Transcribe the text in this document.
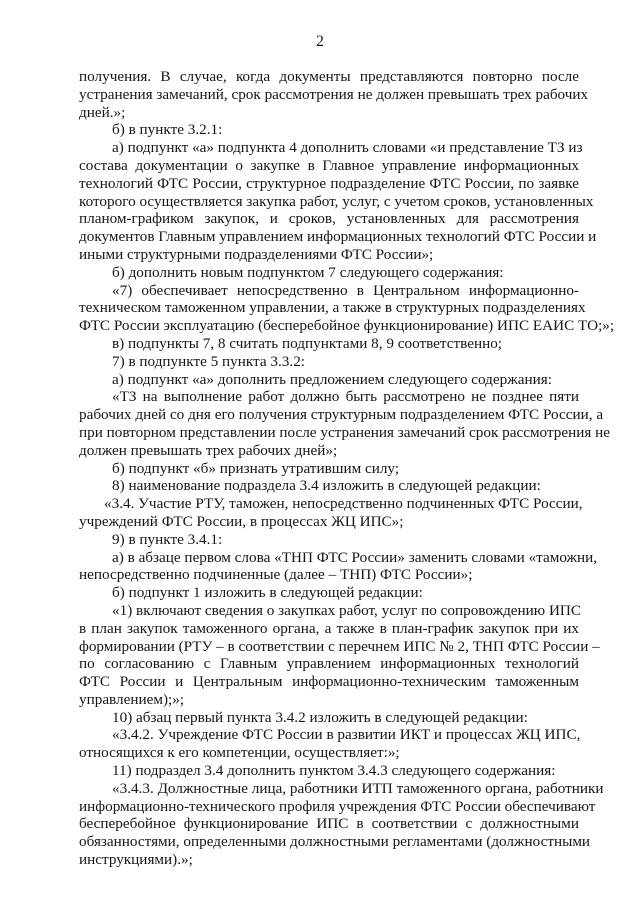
2
получения. В случае, когда документы представляются повторно после
устранения замечаний, срок рассмотрения не должен превышать трех рабочих
дней.»;
б) в пункте 3.2.1:
а) подпункт «а» подпункта 4 дополнить словами «и представление ТЗ из
состава документации о закупке в Главное управление информационных
технологий ФТС России, структурное подразделение ФТС России, по заявке
которого осуществляется закупка работ, услуг, с учетом сроков, установленных
планом-графиком закупок, и сроков, установленных для рассмотрения
документов Главным управлением информационных технологий ФТС России и
иными структурными подразделениями ФТС России»;
б) дополнить новым подпунктом 7 следующего содержания:
«7) обеспечивает непосредственно в Центральном информационно-
техническом таможенном управлении, а также в структурных подразделениях
ФТС России эксплуатацию (бесперебойное функционирование) ИПС ЕАИС ТО;»;
в) подпункты 7, 8 считать подпунктами 8, 9 соответственно;
7) в подпункте 5 пункта 3.3.2:
а) подпункт «а» дополнить предложением следующего содержания:
«ТЗ на выполнение работ должно быть рассмотрено не позднее пяти
рабочих дней со дня его получения структурным подразделением ФТС России, а
при повторном представлении после устранения замечаний срок рассмотрения не
должен превышать трех рабочих дней»;
б) подпункт «б» признать утратившим силу;
8) наименование подраздела 3.4 изложить в следующей редакции:
«3.4. Участие РТУ, таможен, непосредственно подчиненных ФТС России,
учреждений ФТС России, в процессах ЖЦ ИПС»;
9) в пункте 3.4.1:
а) в абзаце первом слова «ТНП ФТС России» заменить словами «таможни,
непосредственно подчиненные (далее – ТНП) ФТС России»;
б) подпункт 1 изложить в следующей редакции:
«1) включают сведения о закупках работ, услуг по сопровождению ИПС
в план закупок таможенного органа, а также в план-график закупок при их
формировании (РТУ – в соответствии с перечнем ИПС № 2, ТНП ФТС России –
по согласованию с Главным управлением информационных технологий
ФТС России и Центральным информационно-техническим таможенным
управлением);»;
10) абзац первый пункта 3.4.2 изложить в следующей редакции:
«3.4.2. Учреждение ФТС России в развитии ИКТ и процессах ЖЦ ИПС,
относящихся к его компетенции, осуществляет:»;
11) подраздел 3.4 дополнить пунктом 3.4.3 следующего содержания:
«3.4.3. Должностные лица, работники ИТП таможенного органа, работники
информационно-технического профиля учреждения ФТС России обеспечивают
бесперебойное функционирование ИПС в соответствии с должностными
обязанностями, определенными должностными регламентами (должностными
инструкциями).»;
